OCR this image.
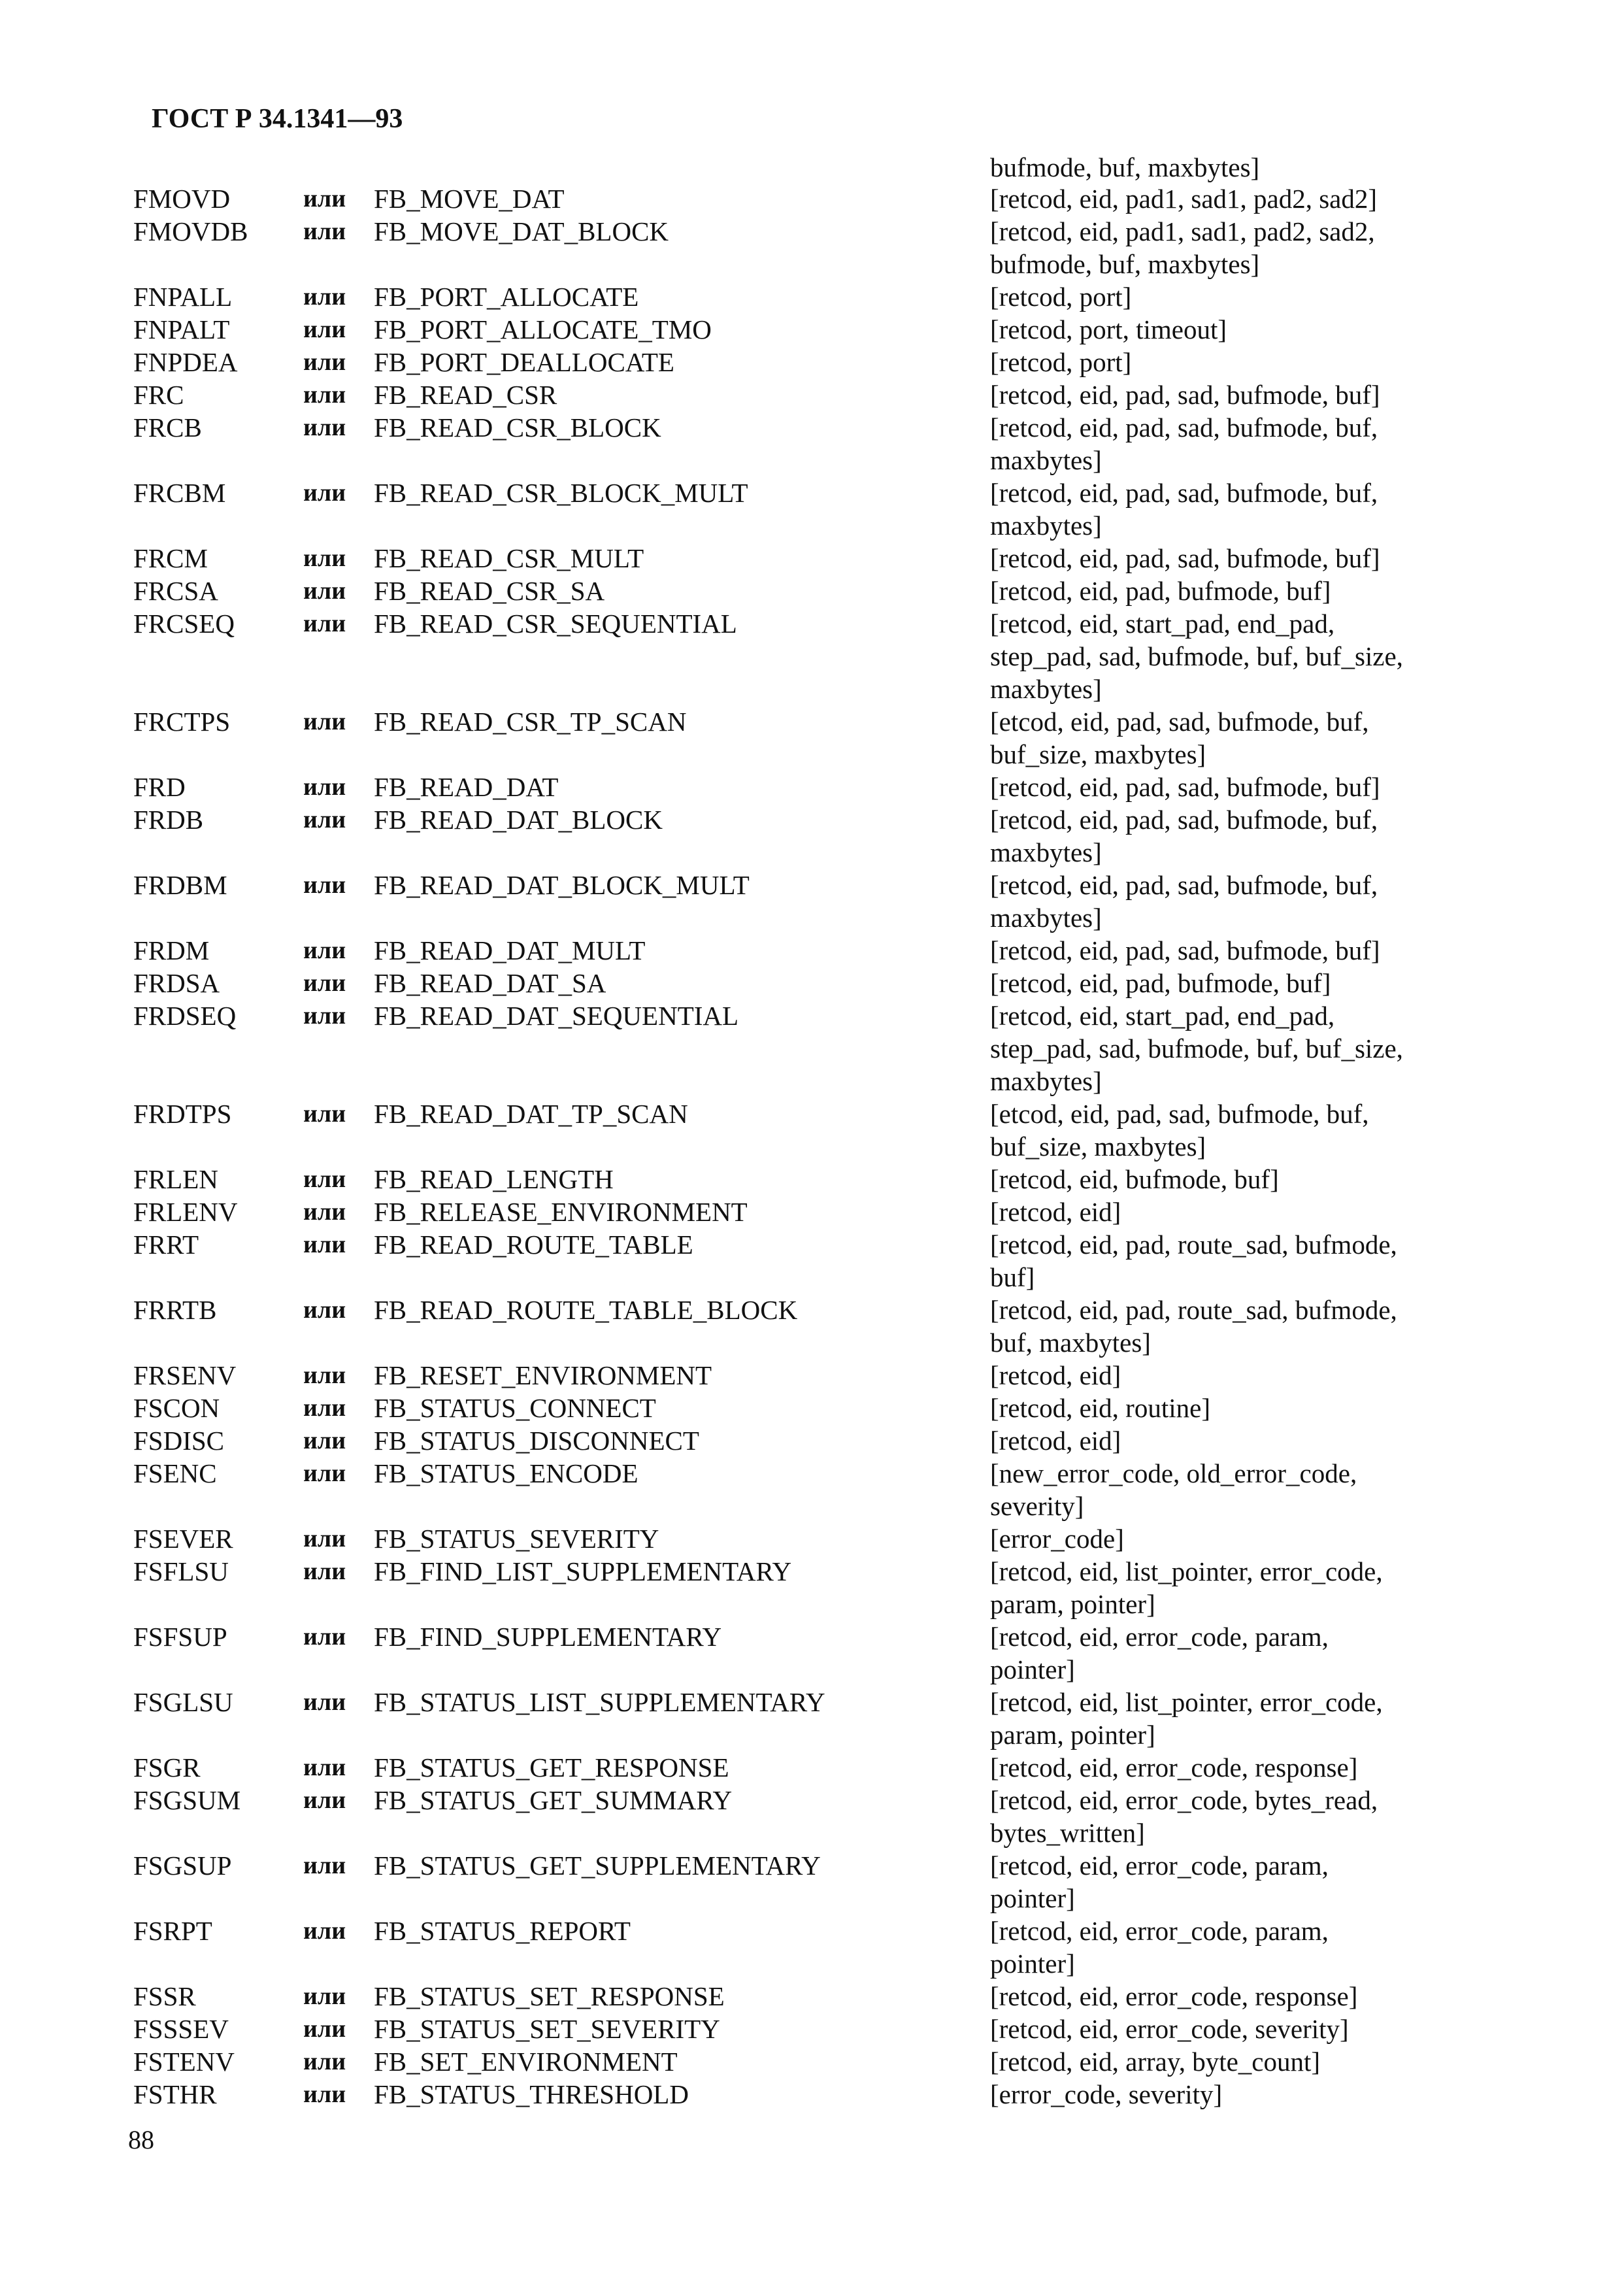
ГОСТ Р 34.1341—93
bufmode, buf, maxbytes]
FMOVD	или FB_MOVE_DAT	[retcod, eid, pad1, sad1, pad2, sad2]
FMOVDB или FB_MOVE_DAT_BLOCK	[retcod, eid, pad1, sad1, pad2, sad2,
bufmode, buf, maxbytes]
FNPALL	или FB_PORT_ALLOCATE	[retcod, port]
FNPALT	или FB_PORT_ALLOCATE_TMO	[retcod, port, timeout]
FNPDEA	или FB_PORT_DEALLOCATE	[retcod, port]
FRC	или FB_READ_CSR	[retcod, eid, pad, sad, bufmode, buf]
FRCB	или FB_READ_CSR_BLOCK	[retcod, eid, pad, sad, bufmode, buf,
maxbytes]
FRCBM	или FB_READ_CSR_BLOCK_MULT	[retcod, eid, pad, sad, bufmode, buf,
maxbytes]
FRCM	или FB_READ_CSR_MULT	[retcod, eid, pad, sad, bufmode, buf]
FRCSA	или FB_READ_CSR_SA	[retcod, eid, pad, bufmode, buf]
FRCSEQ	или FB_READ_CSR_SEQUENTIAL	[retcod, eid, start_pad, end_pad,
step_pad, sad, bufmode, buf, buf_size,
maxbytes]
FRCTPS	или FB_READ_CSR_TP_SCAN	[etcod, eid, pad, sad, bufmode, buf,
buf_size, maxbytes]
FRD	или FB_READ_DAT	[retcod, eid, pad, sad, bufmode, buf]
FRDB	или FB_READ_DAT_BLOCK	[retcod, eid, pad, sad, bufmode, buf,
maxbytes]
FRDBM	или FB_READ_DAT_BLOCK_MULT	[retcod, eid, pad, sad, bufmode, buf,
maxbytes]
FRDM	или FB_READ_DAT_MULT	[retcod, eid, pad, sad, bufmode, buf]
FRDSA	или FB_READ_DAT_SA	[retcod, eid, pad, bufmode, buf]
FRDSEQ	или FB_READ_DAT_SEQUENTIAL	[retcod, eid, start_pad, end_pad,
step_pad, sad, bufmode, buf, buf_size,
maxbytes]
FRDTPS	или FB_READ_DAT_TP_SCAN	[etcod, eid, pad, sad, bufmode, buf,
buf_size, maxbytes]
FRLEN	или FB_READ_LENGTH	[retcod, eid, bufmode, buf]
FRLENV	или FB_RELEASE_ENVIRONMENT	[retcod, eid]
FRRT	или FB_READ_ROUTE_TABLE	[retcod, eid, pad, route_sad, bufmode,
buf]
FRRTB	или FB_READ_ROUTE_TABLE_BLOCK	[retcod, eid, pad, route_sad, bufmode,
buf, maxbytes]
FRSENV	или FB_RESET_ENVIRONMENT	[retcod, eid]
FSCON	или FB_STATUS_CONNECT	[retcod, eid, routine]
FSDISC	или FB_STATUS_DISCONNECT	[retcod, eid]
FSENC	или FB_STATUS_ENCODE	[new_error_code, old_error_code,
severity]
FSEVER	или FB_STATUS_SEVERITY	[error_code]
FSFLSU	или FB_FIND_LIST_SUPPLEMENTARY	[retcod, eid, list_pointer, error_code,
param, pointer]
FSFSUP	или FB_FIND_SUPPLEMENTARY	[retcod, eid, error_code, param,
pointer]
FSGLSU	или FB_STATUS_LIST_SUPPLEMENTARY	[retcod, eid, list_pointer, error_code,
param, pointer]
FSGR	или FB_STATUS_GET_RESPONSE	[retcod, eid, error_code, response]
FSGSUM	или FB_STATUS_GET_SUMMARY	[retcod, eid, error_code, bytes_read,
bytes_written]
FSGSUP	или FB_STATUS_GET_SUPPLEMENTARY	[retcod, eid, error_code, param,
pointer]
FSRPT	или FB_STATUS_REPORT	[retcod, eid, error_code, param,
pointer]
FSSR	или FB_STATUS_SET_RESPONSE	[retcod, eid, error_code, response]
FSSSEV	или FB_STATUS_SET_SEVERITY	[retcod, eid, error_code, severity]
FSTENV	или FB_SET_ENVIRONMENT	[retcod, eid, array, byte_count]
FSTHR	или FB_STATUS_THRESHOLD	[error_code, severity]
88
